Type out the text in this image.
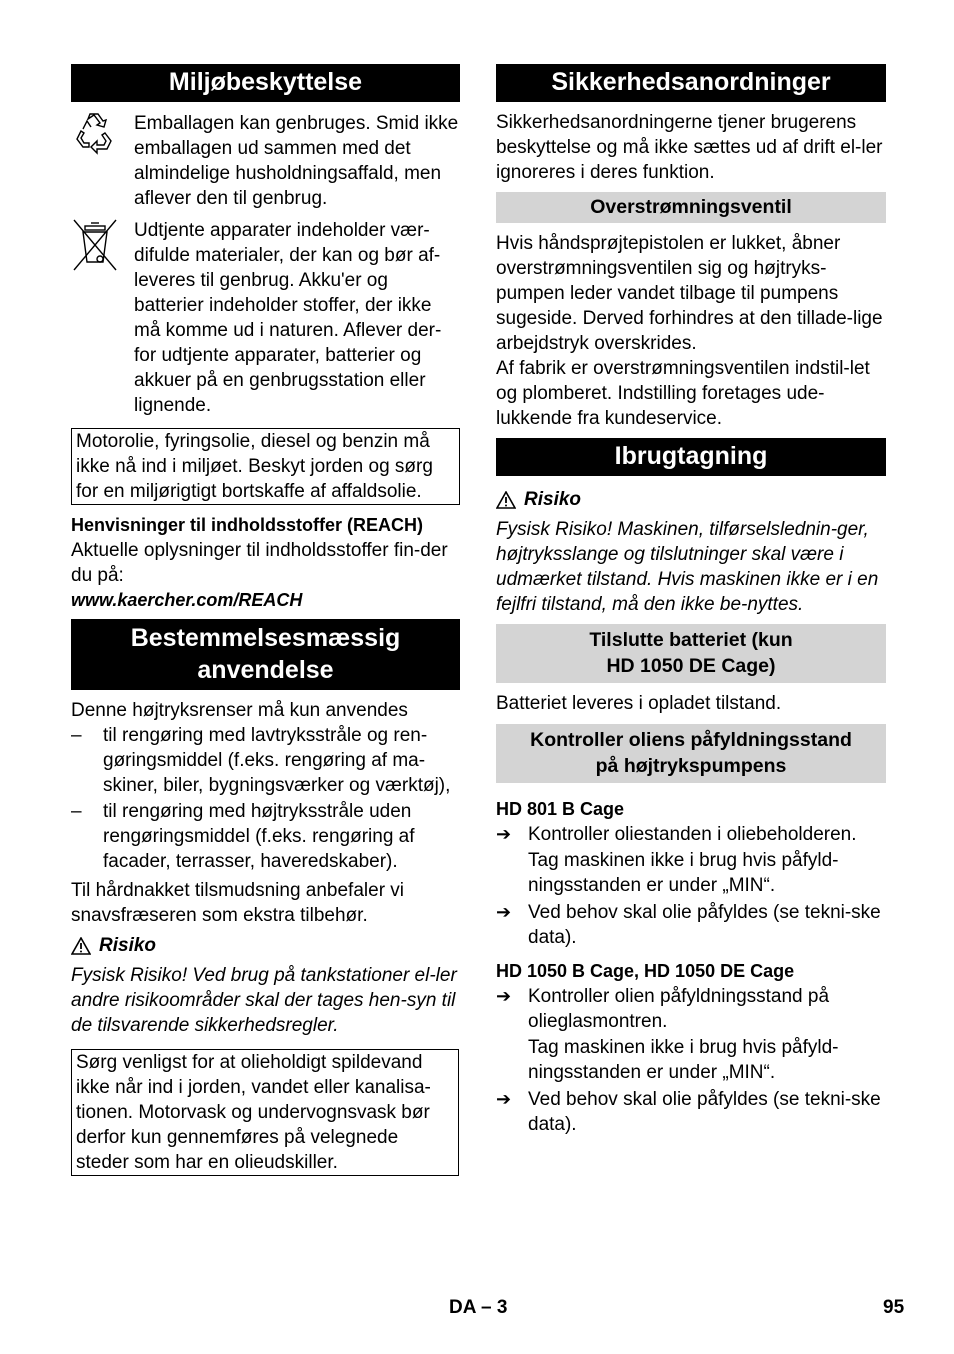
Miljøbeskyttelse

Emballagen kan genbruges. Smid ikke emballagen ud sammen med det almindelige husholdningsaffald, men aflever den til genbrug.

Udtjente apparater indeholder vær-difulde materialer, der kan og bør af-leveres til genbrug. Akku'er og batterier indeholder stoffer, der ikke må komme ud i naturen. Aflever der-for udtjente apparater, batterier og akkuer på en genbrugsstation eller lignende.

Motorolie, fyringsolie, diesel og benzin må ikke nå ind i miljøet. Beskyt jorden og sørg for en miljørigtigt bortskaffe af affaldsolie.
Henvisninger til indholdsstoffer (REACH)

Aktuelle oplysninger til indholdsstoffer fin-der du på:

www.kaercher.com/REACH

Bestemmelsesmæssig
anvendelse

Denne højtryksrenser må kun anvendes

– til rengøring med lavtryksstråle og ren-gøringsmiddel (f.eks. rengøring af ma-skiner, biler, bygningsværker og værktøj),
– til rengøring med højtryksstråle uden rengøringsmiddel (f.eks. rengøring af facader, terrasser, haveredskaber).

Til hårdnakket tilsmudsning anbefaler vi snavsfræseren som ekstra tilbehør.

Risiko

Fysisk Risiko! Ved brug på tankstationer el-ler andre risikoområder skal der tages hen-syn til de tilsvarende sikkerhedsregler.

Sørg venligst for at olieholdigt spildevand ikke når ind i jorden, vandet eller kanalisa-tionen. Motorvask og undervognsvask bør derfor kun gennemføres på velegnede steder som har en olieudskiller.
Sikkerhedsanordninger

Sikkerhedsanordningerne tjener brugerens beskyttelse og må ikke sættes ud af drift el-ler ignoreres i deres funktion.

Overstrømningsventil

Hvis håndsprøjtepistolen er lukket, åbner overstrømningsventilen sig og højtryks-pumpen leder vandet tilbage til pumpens sugeside. Derved forhindres at den tillade-lige arbejdstryk overskrides.

Af fabrik er overstrømningsventilen indstil-let og plomberet. Indstilling foretages ude-lukkende fra kundeservice.

Ibrugtagning
Risiko

Fysisk Risiko! Maskinen, tilførselslednin-ger, højtryksslange og tilslutninger skal være i udmærket tilstand. Hvis maskinen ikke er i en fejlfri tilstand, må den ikke be-nyttes.

Tilslutte batteriet (kun
HD 1050 DE Cage)

Batteriet leveres i opladet tilstand.

Kontroller oliens påfyldningsstand
på højtrykspumpens
HD 801 B Cage
➔ Kontroller oliestanden i oliebeholderen.
Tag maskinen ikke i brug hvis påfyld-ningsstanden er under „MIN“.
➔ Ved behov skal olie påfyldes (se tekni-ske data).
HD 1050 B Cage, HD 1050 DE Cage
➔ Kontroller olien påfyldningsstand på olieglasmontren.
Tag maskinen ikke i brug hvis påfyld-ningsstanden er under „MIN“.
➔ Ved behov skal olie påfyldes (se tekni-ske data).
DA – 3	95
